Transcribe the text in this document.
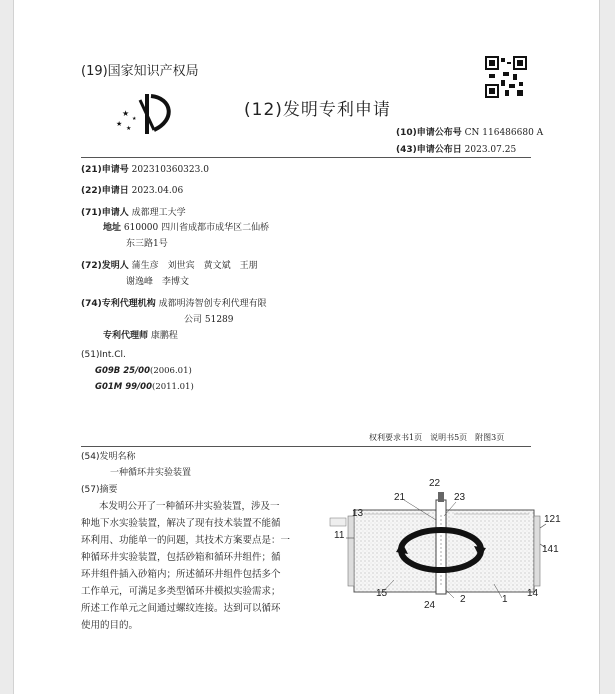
(19)国家知识产权局
★
★
★
★	(12)发明专利申请
(10)申请公布号 CN 116486680 A
(43)申请公布日 2023.07.25
(21)申请号 202310360323.0
(22)申请日 2023.04.06
(71)申请人 成都理工大学
地址 610000 四川省成都市成华区二仙桥
东三路1号
(72)发明人 蒲生彦　刘世宾　黄文斌　王朋
谢逸峰　李博文
(74)专利代理机构 成都明涛智创专利代理有限
公司 51289
专利代理师 康鹏程
(51)Int.Cl.
G09B 25/00(2006.01)
G01M 99/00(2011.01)
权利要求书1页　说明书5页　附图3页
(54)发明名称
一种循环井实验装置
(57)摘要
本发明公开了一种循环井实验装置，涉及一
种地下水实验装置，解决了现有技术装置不能循
环利用、功能单一的问题，其技术方案要点是：一
种循环井实验装置，包括砂箱和循环井组件；循
环井组件插入砂箱内；所述循环井组件包括多个
工作单元，可满足多类型循环井模拟实验需求；
所述工作单元之间通过螺纹连接。达到可以循环
使用的目的。
22
21	23
13
121
11
141
15
2	1
14
24
